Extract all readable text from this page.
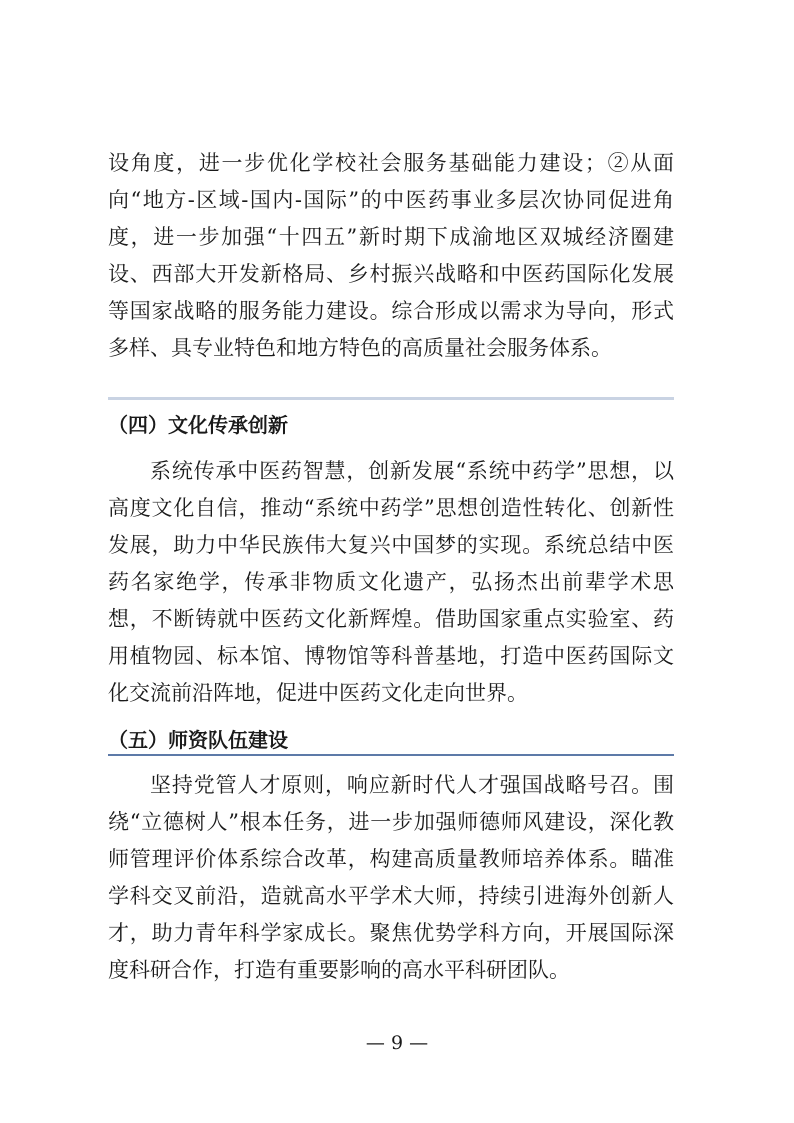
设角度，进一步优化学校社会服务基础能力建设；②从面向“地方-区域-国内-国际”的中医药事业多层次协同促进角度，进一步加强“十四五”新时期下成渝地区双城经济圈建设、西部大开发新格局、乡村振兴战略和中医药国际化发展等国家战略的服务能力建设。综合形成以需求为导向，形式多样、具专业特色和地方特色的高质量社会服务体系。

（四）文化传承创新

系统传承中医药智慧，创新发展“系统中药学”思想，以高度文化自信，推动“系统中药学”思想创造性转化、创新性发展，助力中华民族伟大复兴中国梦的实现。系统总结中医药名家绝学，传承非物质文化遗产，弘扬杰出前辈学术思想，不断铸就中医药文化新辉煌。借助国家重点实验室、药用植物园、标本馆、博物馆等科普基地，打造中医药国际文化交流前沿阵地，促进中医药文化走向世界。

（五）师资队伍建设

坚持党管人才原则，响应新时代人才强国战略号召。围绕“立德树人”根本任务，进一步加强师德师风建设，深化教师管理评价体系综合改革，构建高质量教师培养体系。瞄准学科交叉前沿，造就高水平学术大师，持续引进海外创新人才，助力青年科学家成长。聚焦优势学科方向，开展国际深度科研合作，打造有重要影响的高水平科研团队。

— 9 —
